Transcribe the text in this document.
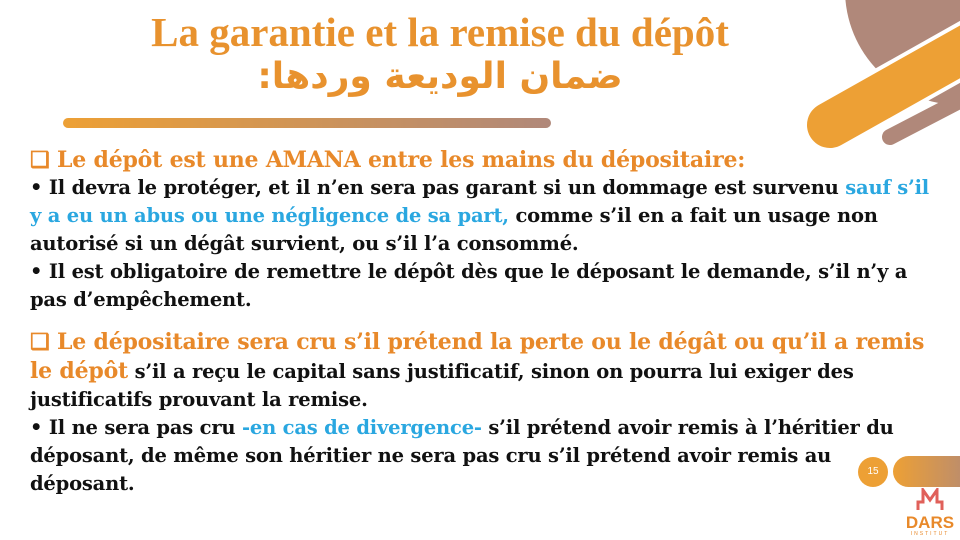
La garantie et la remise du dépôt
ضمان الوديعة وردها:

❑ Le dépôt est une AMANA entre les mains du dépositaire:

• Il devra le protéger, et il n’en sera pas garant si un dommage est survenu sauf s’il y a eu un abus ou une négligence de sa part, comme s’il en a fait un usage non autorisé si un dégât survient, ou s’il l’a consommé.

• Il est obligatoire de remettre le dépôt dès que le déposant le demande, s’il n’y a pas d’empêchement.

❑ Le dépositaire sera cru s’il prétend la perte ou le dégât ou qu’il a remis le dépôt s’il a reçu le capital sans justificatif, sinon on pourra lui exiger des justificatifs prouvant la remise.

• Il ne sera pas cru -en cas de divergence- s’il prétend avoir remis à l’héritier du déposant, de même son héritier ne sera pas cru s’il prétend avoir remis au déposant.

15
DARS
INSTITUT
